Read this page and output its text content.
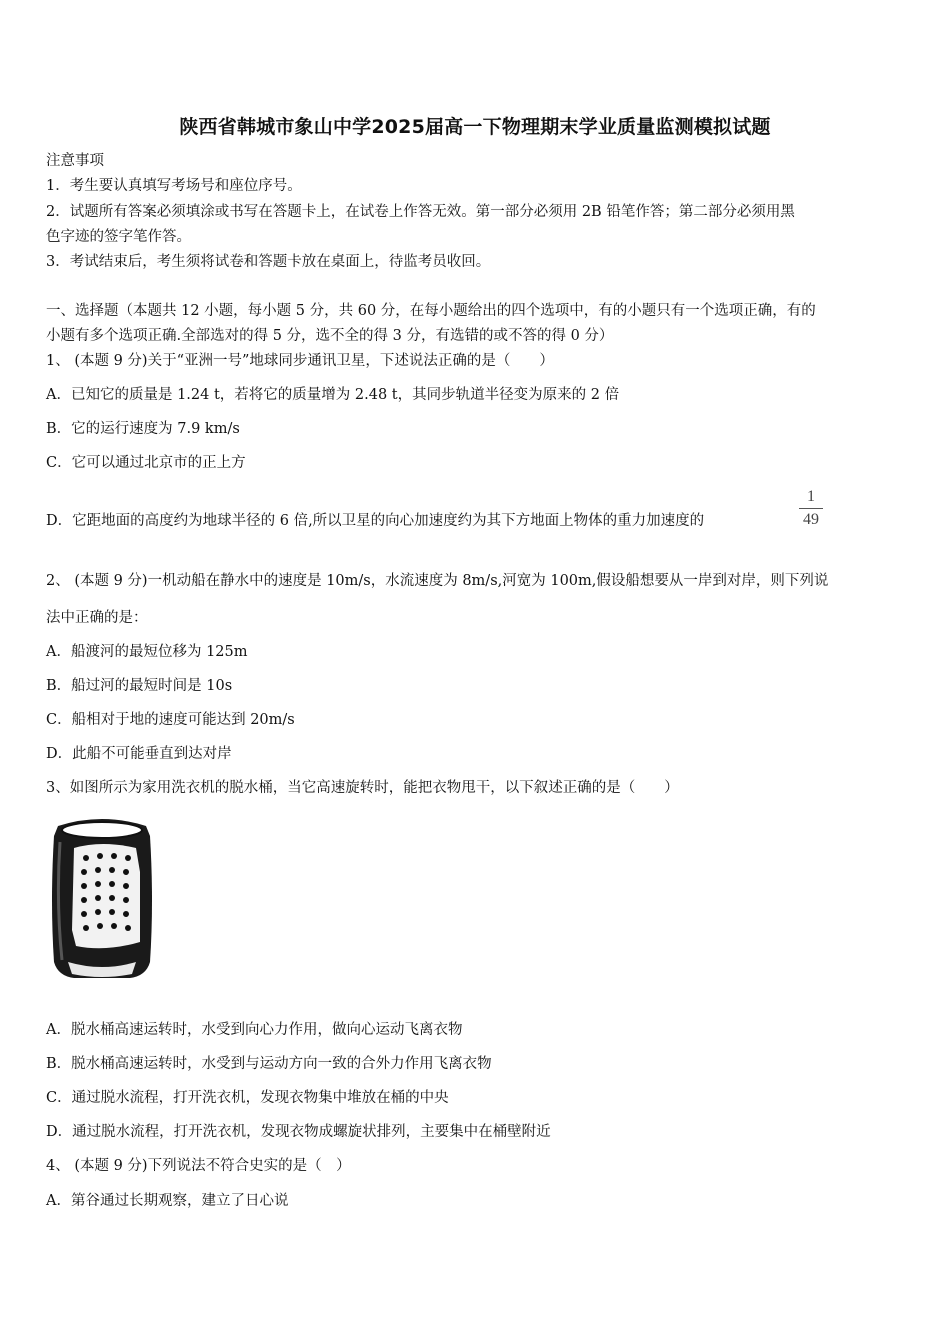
陕西省韩城市象山中学2025届高一下物理期末学业质量监测模拟试题
注意事项
1．考生要认真填写考场号和座位序号。
2．试题所有答案必须填涂或书写在答题卡上，在试卷上作答无效。第一部分必须用 2B 铅笔作答；第二部分必须用黑
色字迹的签字笔作答。
3．考试结束后，考生须将试卷和答题卡放在桌面上，待监考员收回。
一、选择题（本题共 12 小题，每小题 5 分，共 60 分，在每小题给出的四个选项中，有的小题只有一个选项正确，有的
小题有多个选项正确.全部选对的得 5 分，选不全的得 3 分，有选错的或不答的得 0 分）
1、 (本题 9 分)关于“亚洲一号”地球同步通讯卫星，下述说法正确的是（　　）
A．已知它的质量是 1.24 t，若将它的质量增为 2.48 t，其同步轨道半径变为原来的 2 倍
B．它的运行速度为 7.9 km/s
C．它可以通过北京市的正上方
D．它距地面的高度约为地球半径的 6 倍,所以卫星的向心加速度约为其下方地面上物体的重力加速度的
1
49
2、 (本题 9 分)一机动船在静水中的速度是 10m/s，水流速度为 8m/s,河宽为 100m,假设船想要从一岸到对岸，则下列说
法中正确的是：
A．船渡河的最短位移为 125m
B．船过河的最短时间是 10s
C．船相对于地的速度可能达到 20m/s
D．此船不可能垂直到达对岸
3、如图所示为家用洗衣机的脱水桶，当它高速旋转时，能把衣物甩干，以下叙述正确的是（　　）
A．脱水桶高速运转时，水受到向心力作用，做向心运动飞离衣物
B．脱水桶高速运转时，水受到与运动方向一致的合外力作用飞离衣物
C．通过脱水流程，打开洗衣机，发现衣物集中堆放在桶的中央
D．通过脱水流程，打开洗衣机，发现衣物成螺旋状排列，主要集中在桶壁附近
4、 (本题 9 分)下列说法不符合史实的是（　）
A．第谷通过长期观察，建立了日心说
